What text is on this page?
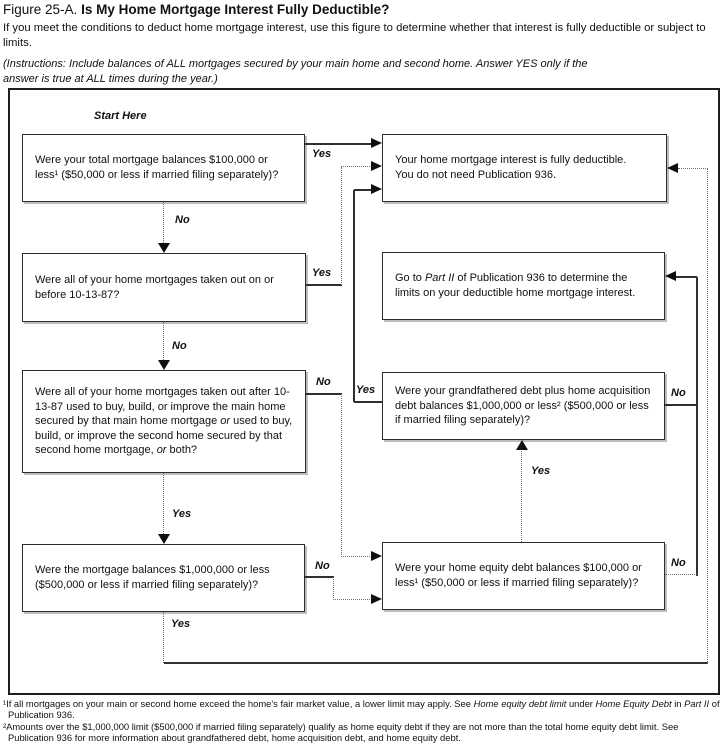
Figure 25-A. Is My Home Mortgage Interest Fully Deductible?

If you meet the conditions to deduct home mortgage interest, use this figure to determine whether that interest is fully deductible or subject to limits.
(Instructions: Include balances of ALL mortgages secured by your main home and second home. Answer YES only if the answer is true at ALL times during the year.)
Start Here
Were your total mortgage balances $100,000 or less¹ ($50,000 or less if married filing separately)?
Were all of your home mortgages taken out on or before 10-13-87?
Were all of your home mortgages taken out after 10-13-87 used to buy, build, or improve the main home secured by that main home mortgage or used to buy, build, or improve the second home secured by that second home mortgage, or both?
Were the mortgage balances $1,000,000 or less ($500,000 or less if married filing separately)?
Your home mortgage interest is fully deductible.
You do not need Publication 936.
Go to Part II of Publication 936 to determine the limits on your deductible home mortgage interest.
Were your grandfathered debt plus home acquisition debt balances $1,000,000 or less² ($500,000 or less if married filing separately)?
Were your home equity debt balances $100,000 or less¹ ($50,000 or less if married filing separately)?
Yes
No
Yes
No
Yes
No
Yes
No
Yes
No
No
Yes
¹If all mortgages on your main or second home exceed the home's fair market value, a lower limit may apply. See Home equity debt limit under Home Equity Debt in Part II of Publication 936.
²Amounts over the $1,000,000 limit ($500,000 if married filing separately) qualify as home equity debt if they are not more than the total home equity debt limit. See Publication 936 for more information about grandfathered debt, home acquisition debt, and home equity debt.
